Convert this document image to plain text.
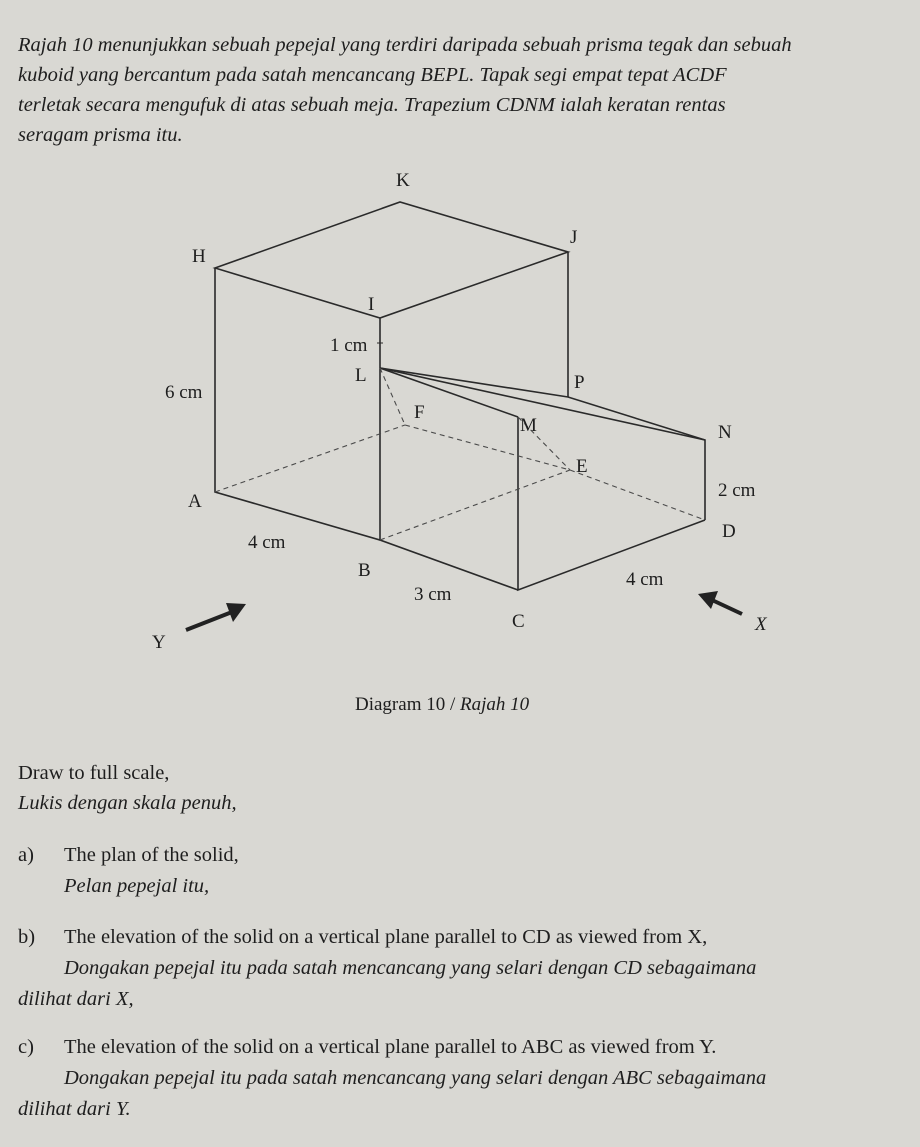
Rajah 10 menunjukkan sebuah pepejal yang terdiri daripada sebuah prisma tegak dan sebuah

kuboid yang bercantum pada satah mencancang BEPL. Tapak segi empat tepat ACDF

terletak secara mengufuk di atas sebuah meja. Trapezium CDNM ialah keratan rentas

seragam prisma itu.

K
J
H
I
1 cm
L
6 cm	P
F
M	N
E
2 cm
A
D
4 cm
B	4 cm
3 cm
C
Y
X
Diagram 10 / Rajah 10
Draw to full scale,
Lukis dengan skala penuh,
a) The plan of the solid,
Pelan pepejal itu,
b) The elevation of the solid on a vertical plane parallel to CD as viewed from X,
Dongakan pepejal itu pada satah mencancang yang selari dengan CD sebagaimana
dilihat dari X,
c) The elevation of the solid on a vertical plane parallel to ABC as viewed from Y.
Dongakan pepejal itu pada satah mencancang yang selari dengan ABC sebagaimana
dilihat dari Y.
